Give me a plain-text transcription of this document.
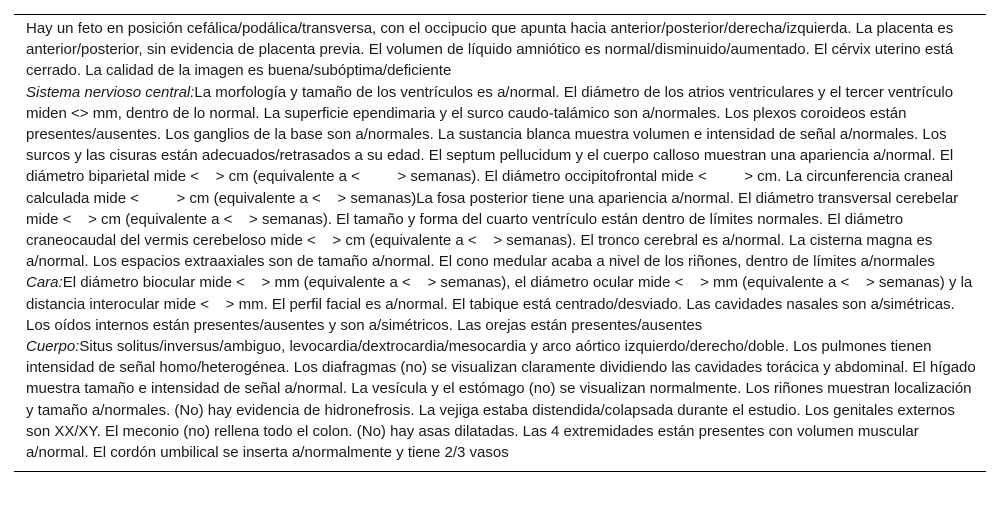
Hay un feto en posición cefálica/podálica/transversa, con el occipucio que apunta hacia anterior/posterior/derecha/izquierda. La placenta es anterior/posterior, sin evidencia de placenta previa. El volumen de líquido amniótico es normal/disminuido/aumentado. El cérvix uterino está cerrado. La calidad de la imagen es buena/subóptima/deficiente

Sistema nervioso central:La morfología y tamaño de los ventrículos es a/normal. El diámetro de los atrios ventriculares y el tercer ventrículo miden <> mm, dentro de lo normal. La superficie ependimaria y el surco caudo-talámico son a/normales. Los plexos coroideos están presentes/ausentes. Los ganglios de la base son a/normales. La sustancia blanca muestra volumen e intensidad de señal a/normales. Los surcos y las cisuras están adecuados/retrasados a su edad. El septum pellucidum y el cuerpo calloso muestran una apariencia a/normal. El diámetro biparietal mide <    > cm (equivalente a <         > semanas). El diámetro occipitofrontal mide <         > cm. La circunferencia craneal calculada mide <         > cm (equivalente a <    > semanas)La fosa posterior tiene una apariencia a/normal. El diámetro transversal cerebelar mide <    > cm (equivalente a <    > semanas). El tamaño y forma del cuarto ventrículo están dentro de límites normales. El diámetro craneocaudal del vermis cerebeloso mide <    > cm (equivalente a <    > semanas). El tronco cerebral es a/normal. La cisterna magna es a/normal. Los espacios extraaxiales son de tamaño a/normal. El cono medular acaba a nivel de los riñones, dentro de límites a/normales

Cara:El diámetro biocular mide <    > mm (equivalente a <    > semanas), el diámetro ocular mide <    > mm (equivalente a <    > semanas) y la distancia interocular mide <    > mm. El perfil facial es a/normal. El tabique está centrado/desviado. Las cavidades nasales son a/simétricas. Los oídos internos están presentes/ausentes y son a/simétricos. Las orejas están presentes/ausentes

Cuerpo:Situs solitus/inversus/ambiguo, levocardia/dextrocardia/mesocardia y arco aórtico izquierdo/derecho/doble. Los pulmones tienen intensidad de señal homo/heterogénea. Los diafragmas (no) se visualizan claramente dividiendo las cavidades torácica y abdominal. El hígado muestra tamaño e intensidad de señal a/normal. La vesícula y el estómago (no) se visualizan normalmente. Los riñones muestran localización y tamaño a/normales. (No) hay evidencia de hidronefrosis. La vejiga estaba distendida/colapsada durante el estudio. Los genitales externos son XX/XY. El meconio (no) rellena todo el colon. (No) hay asas dilatadas. Las 4 extremidades están presentes con volumen muscular a/normal. El cordón umbilical se inserta a/normalmente y tiene 2/3 vasos
